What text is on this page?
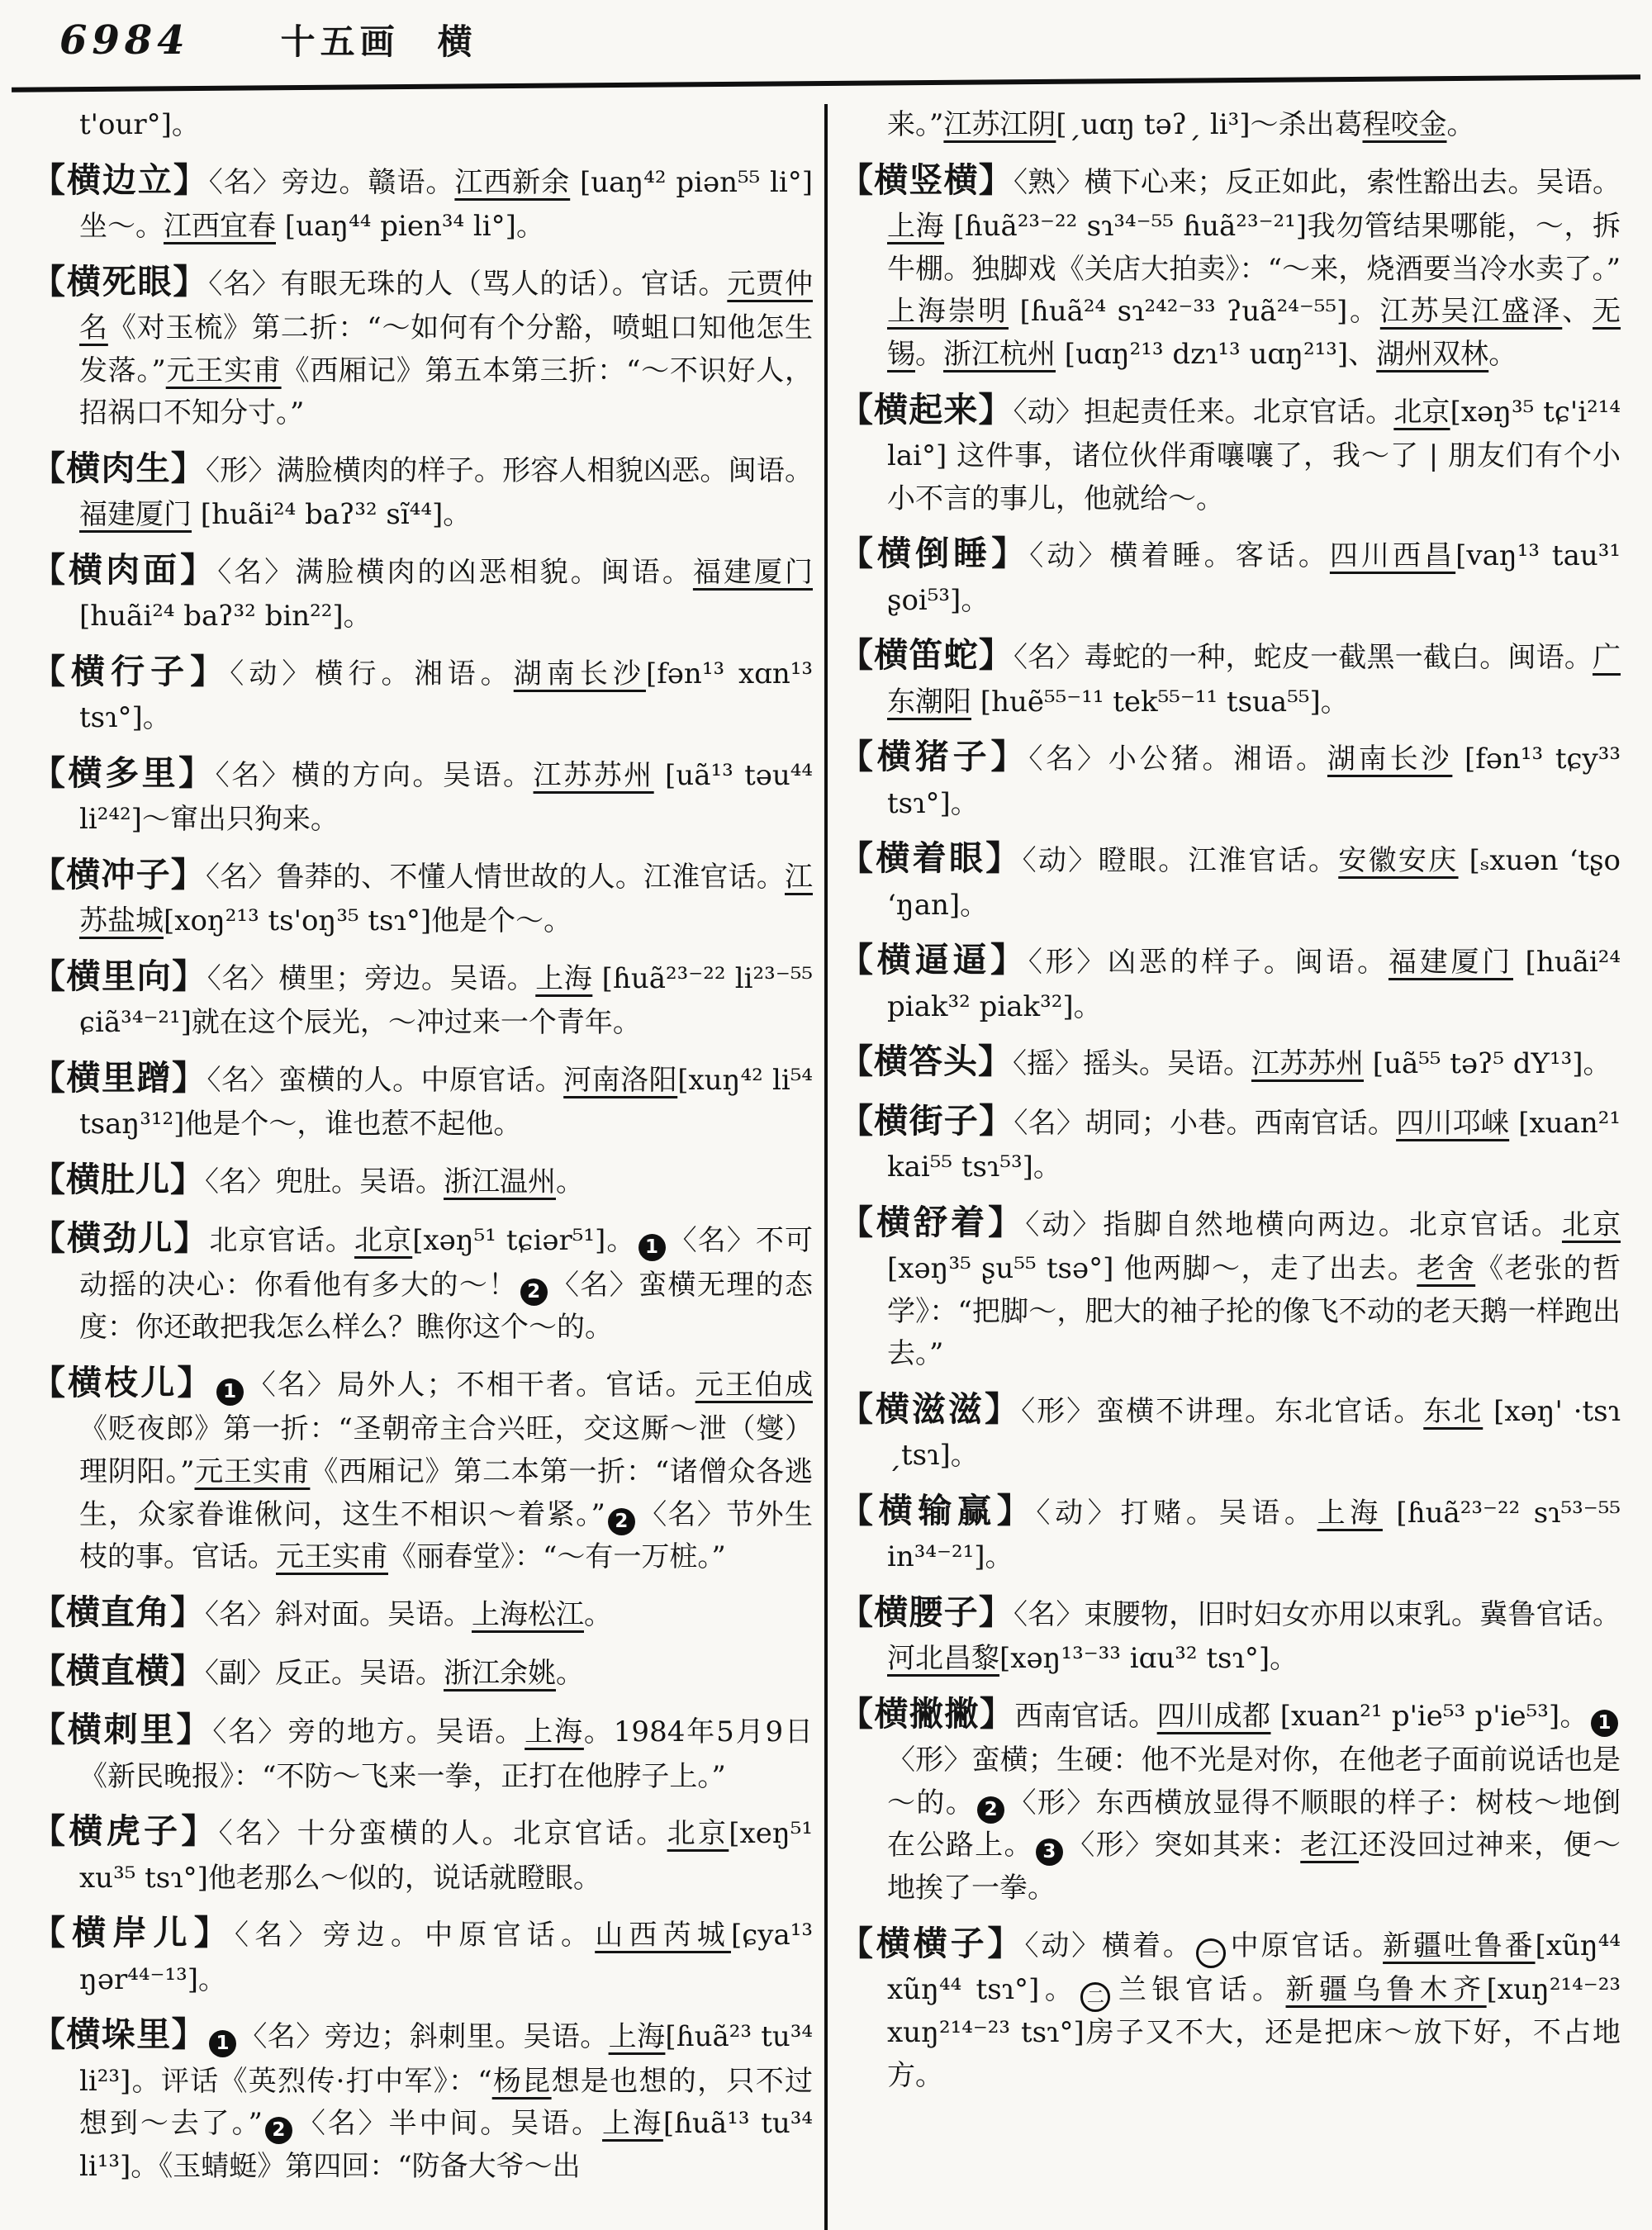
6984	十五画 横
t'our°]。
【横边立】〈名〉旁边。赣语。江西新余 [uaŋ⁴² piən⁵⁵ li°]坐～。江西宜春 [uaŋ⁴⁴ pien³⁴ li°]。
【横死眼】〈名〉有眼无珠的人（骂人的话）。官话。元贾仲名《对玉梳》第二折：“～如何有个分豁，喷蛆口知他怎生发落。”元王实甫《西厢记》第五本第三折：“～不识好人，招祸口不知分寸。”
【横肉生】〈形〉满脸横肉的样子。形容人相貌凶恶。闽语。福建厦门 [huãi²⁴ baʔ³² sĩ⁴⁴]。
【横肉面】〈名〉满脸横肉的凶恶相貌。闽语。福建厦门 [huãi²⁴ baʔ³² bin²²]。
【横行子】〈动〉横行。湘语。湖南长沙[fən¹³ xɑn¹³ tsɿ°]。
【横多里】〈名〉横的方向。吴语。江苏苏州 [uã¹³ təu⁴⁴ li²⁴²]～窜出只狗来。
【横冲子】〈名〉鲁莽的、不懂人情世故的人。江淮官话。江苏盐城[xoŋ²¹³ ts'oŋ³⁵ tsɿ°]他是个～。
【横里向】〈名〉横里；旁边。吴语。上海 [ɦuã²³⁻²² li²³⁻⁵⁵ ɕiã³⁴⁻²¹]就在这个辰光，～冲过来一个青年。
【横里蹭】〈名〉蛮横的人。中原官话。河南洛阳[xuŋ⁴² li⁵⁴ tsaŋ³¹²]他是个～，谁也惹不起他。
【横肚儿】〈名〉兜肚。吴语。浙江温州。
【横劲儿】北京官话。北京[xəŋ⁵¹ tɕiər⁵¹]。 1 〈名〉不可动摇的决心：你看他有多大的～！ 2 〈名〉蛮横无理的态度：你还敢把我怎么样么？瞧你这个～的。
【横枝儿】 1 〈名〉局外人；不相干者。官话。元王伯成《贬夜郎》第一折：“圣朝帝主合兴旺，交这厮～泄（燮）理阴阳。”元王实甫《西厢记》第二本第一折：“诸僧众各逃生，众家眷谁偢问，这生不相识～着紧。” 2 〈名〉节外生枝的事。官话。元王实甫《丽春堂》：“～有一万桩。”
【横直角】〈名〉斜对面。吴语。上海松江。
【横直横】〈副〉反正。吴语。浙江余姚。
【横刺里】〈名〉旁的地方。吴语。上海。1984年5月9日《新民晚报》：“不防～飞来一拳，正打在他脖子上。”
【横虎子】〈名〉十分蛮横的人。北京官话。北京[xeŋ⁵¹ xu³⁵ tsɿ°]他老那么～似的，说话就瞪眼。
【横岸儿】〈名〉旁边。中原官话。山西芮城[ɕya¹³ ŋər⁴⁴⁻¹³]。
【横垛里】 1 〈名〉旁边；斜刺里。吴语。上海[ɦuã²³ tu³⁴ li²³]。评话《英烈传·打中军》：“杨昆想是也想的，只不过想到～去了。” 2 〈名〉半中间。吴语。上海[ɦuã¹³ tu³⁴ li¹³]。《玉蜻蜓》第四回：“防备大爷～出
来。”江苏江阴[ˏuɑŋ təʔˏ li³]～杀出葛程咬金。
【横竖横】〈熟〉横下心来；反正如此，索性豁出去。吴语。上海 [ɦuã²³⁻²² sɿ³⁴⁻⁵⁵ ɦuã²³⁻²¹]我勿管结果哪能，～，拆牛棚。独脚戏《关店大拍卖》：“～来，烧酒要当冷水卖了。” 上海崇明 [ɦuã²⁴ sɿ²⁴²⁻³³ ʔuã²⁴⁻⁵⁵]。江苏吴江盛泽、无锡。浙江杭州 [uɑŋ²¹³ dzɿ¹³ uɑŋ²¹³]、湖州双林。
【横起来】〈动〉担起责任来。北京官话。北京[xəŋ³⁵ tɕ'i²¹⁴ lai°] 这件事，诸位伙伴甭嚷嚷了，我～了 | 朋友们有个小小不言的事儿，他就给～。
【横倒睡】〈动〉横着睡。客话。四川西昌[vaŋ¹³ tau³¹ ʂoi⁵³]。
【横笛蛇】〈名〉毒蛇的一种，蛇皮一截黑一截白。闽语。广东潮阳 [huẽ⁵⁵⁻¹¹ tek⁵⁵⁻¹¹ tsua⁵⁵]。
【横猪子】〈名〉小公猪。湘语。湖南长沙 [fən¹³ tɕy³³ tsɿ°]。
【横着眼】〈动〉瞪眼。江淮官话。安徽安庆 [ₛxuən ʻtʂo ʻŋan]。
【横逼逼】〈形〉凶恶的样子。闽语。福建厦门 [huãi²⁴ piak³² piak³²]。
【横答头】〈摇〉摇头。吴语。江苏苏州 [uã⁵⁵ təʔ⁵ dY¹³]。
【横街子】〈名〉胡同；小巷。西南官话。四川邛崃 [xuan²¹ kai⁵⁵ tsɿ⁵³]。
【横舒着】〈动〉指脚自然地横向两边。北京官话。北京[xəŋ³⁵ ʂu⁵⁵ tsə°] 他两脚～，走了出去。老舍《老张的哲学》：“把脚～，肥大的袖子抡的像飞不动的老天鹅一样跑出去。”
【横滋滋】〈形〉蛮横不讲理。东北官话。东北 [xəŋ' ·tsɿ ˏtsɿ]。
【横输赢】〈动〉打赌。吴语。上海 [ɦuã²³⁻²² sɿ⁵³⁻⁵⁵ in³⁴⁻²¹]。
【横腰子】〈名〉束腰物，旧时妇女亦用以束乳。冀鲁官话。河北昌黎[xəŋ¹³⁻³³ iɑu³² tsɿ°]。
【横撇撇】西南官话。四川成都 [xuan²¹ p'ie⁵³ p'ie⁵³]。 1〈形〉蛮横；生硬：他不光是对你，在他老子面前说话也是～的。 2 〈形〉东西横放显得不顺眼的样子：树枝～地倒在公路上。 3 〈形〉突如其来：老江还没回过神来，便～地挨了一拳。
【横横子】〈动〉横着。 一 中原官话。新疆吐鲁番[xũŋ⁴⁴ xũŋ⁴⁴ tsɿ°]。 二 兰银官话。新疆乌鲁木齐[xuŋ²¹⁴⁻²³ xuŋ²¹⁴⁻²³ tsɿ°]房子又不大，还是把床～放下好，不占地方。
